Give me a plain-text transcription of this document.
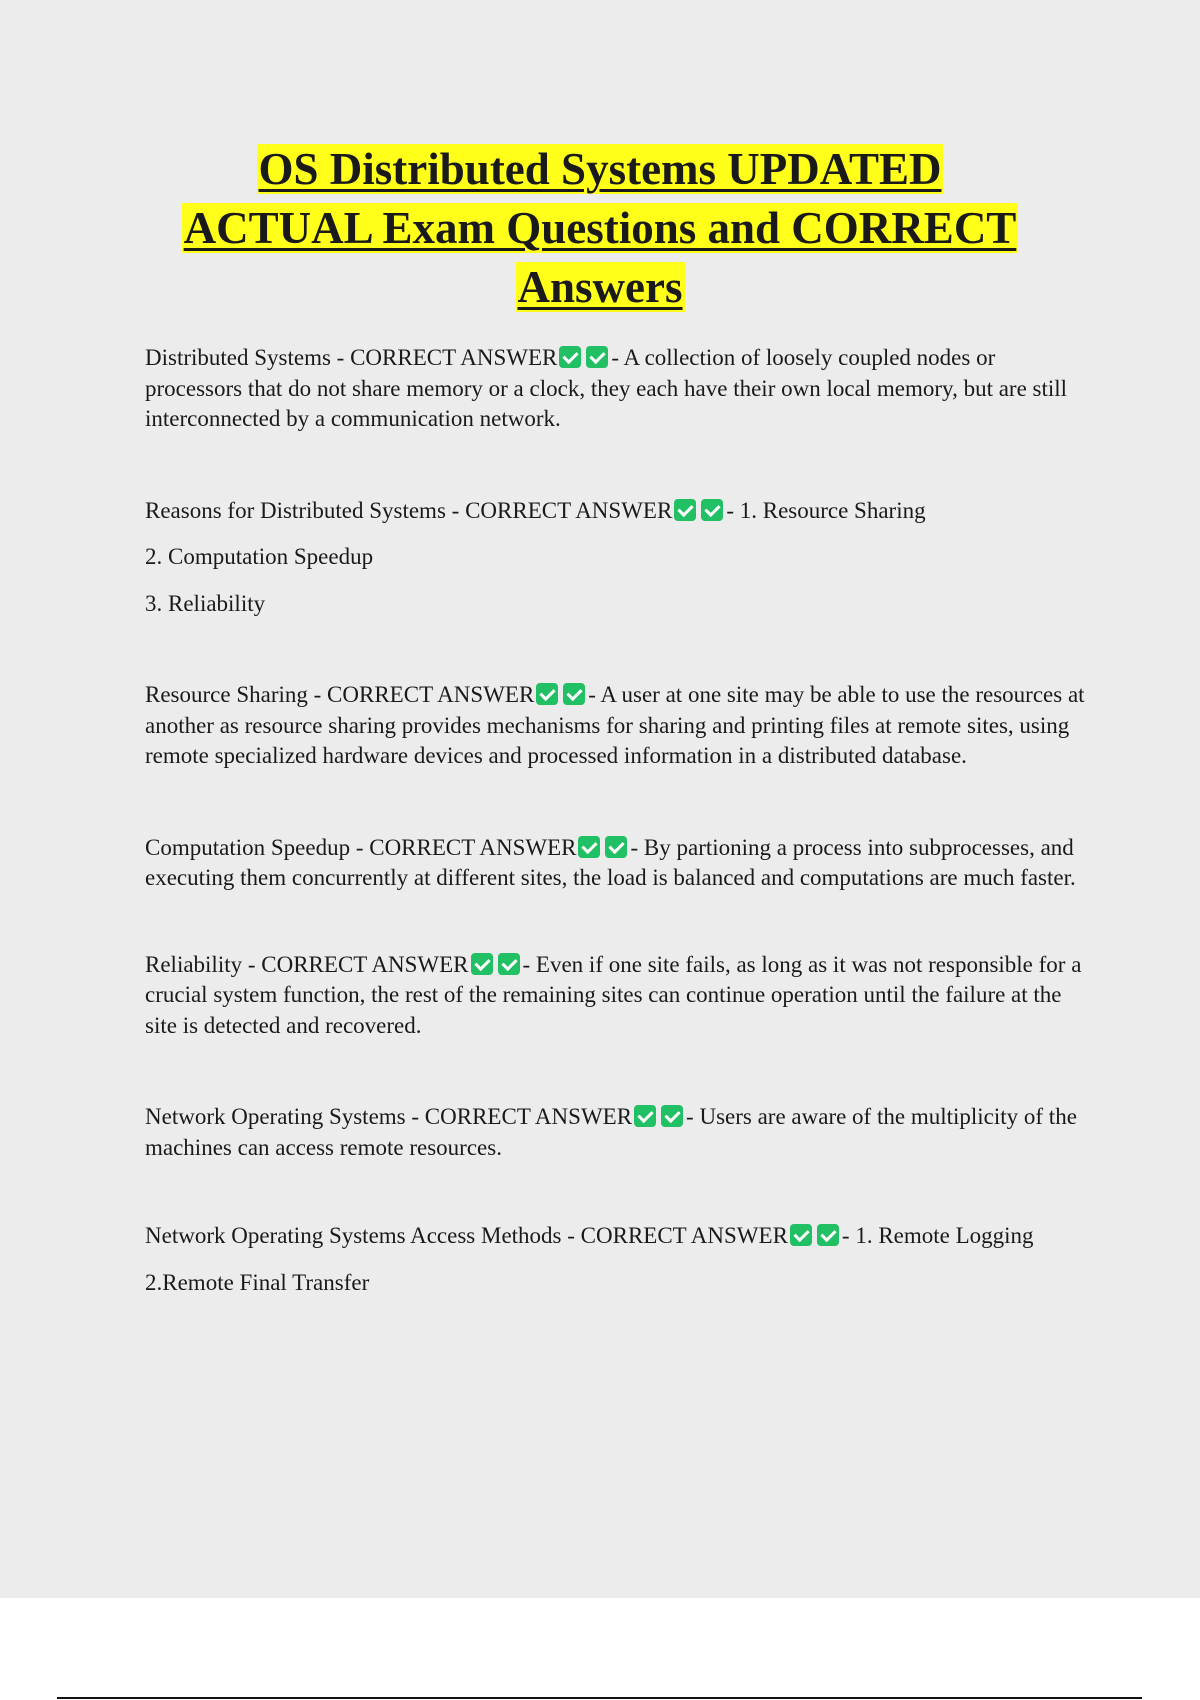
OS Distributed Systems UPDATED
ACTUAL Exam Questions and CORRECT
Answers

Distributed Systems - CORRECT ANSWER - A collection of loosely coupled nodes or processors that do not share memory or a clock, they each have their own local memory, but are still interconnected by a communication network.

Reasons for Distributed Systems - CORRECT ANSWER - 1. Resource Sharing

2. Computation Speedup

3. Reliability

Resource Sharing - CORRECT ANSWER - A user at one site may be able to use the resources at another as resource sharing provides mechanisms for sharing and printing files at remote sites, using remote specialized hardware devices and processed information in a distributed database.

Computation Speedup - CORRECT ANSWER - By partioning a process into subprocesses, and executing them concurrently at different sites, the load is balanced and computations are much faster.

Reliability - CORRECT ANSWER - Even if one site fails, as long as it was not responsible for a crucial system function, the rest of the remaining sites can continue operation until the failure at the site is detected and recovered.

Network Operating Systems - CORRECT ANSWER - Users are aware of the multiplicity of the machines can access remote resources.

Network Operating Systems Access Methods - CORRECT ANSWER - 1. Remote Logging

2.Remote Final Transfer
